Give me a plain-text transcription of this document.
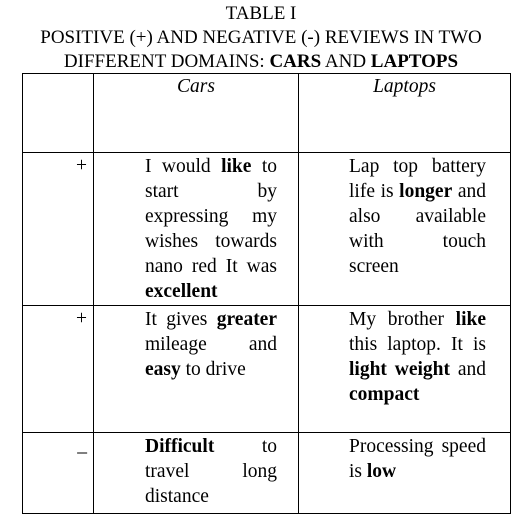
TABLE I
POSITIVE (+) AND NEGATIVE (-) REVIEWS IN TWO
DIFFERENT DOMAINS: CARS AND LAPTOPS
	Cars	Laptops
+	I would like to start by expressing my wishes towards nano red It was excellent	Lap top battery life is longer and also available with touch screen
+	It gives greater mileage and easy to drive	My brother like this laptop. It is light weight and compact
_	Difficult to travel long distance	Processing speed is low
